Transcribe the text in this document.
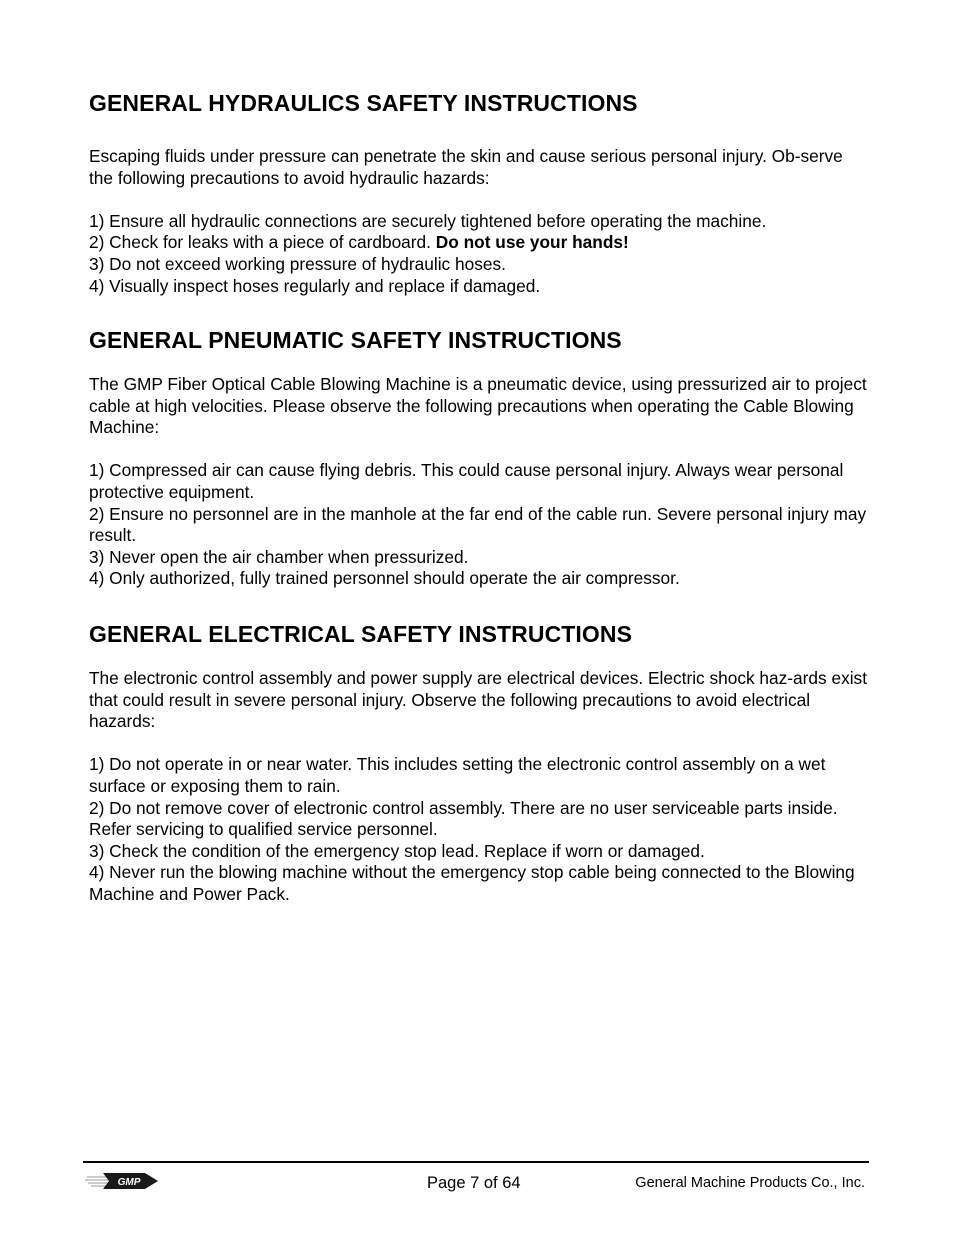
GENERAL HYDRAULICS SAFETY INSTRUCTIONS

Escaping fluids under pressure can penetrate the skin and cause serious personal injury. Ob-serve the following precautions to avoid hydraulic hazards:

1) Ensure all hydraulic connections are securely tightened before operating the machine.
2) Check for leaks with a piece of cardboard. Do not use your hands!
3) Do not exceed working pressure of hydraulic hoses.
4) Visually inspect hoses regularly and replace if damaged.
GENERAL PNEUMATIC SAFETY INSTRUCTIONS

The GMP Fiber Optical Cable Blowing Machine is a pneumatic device, using pressurized air to project cable at high velocities. Please observe the following precautions when operating the Cable Blowing Machine:

1) Compressed air can cause flying debris. This could cause personal injury. Always wear personal protective equipment.
2) Ensure no personnel are in the manhole at the far end of the cable run. Severe personal injury may result.
3) Never open the air chamber when pressurized.
4) Only authorized, fully trained personnel should operate the air compressor.
GENERAL ELECTRICAL SAFETY INSTRUCTIONS

The electronic control assembly and power supply are electrical devices. Electric shock haz-ards exist that could result in severe personal injury. Observe the following precautions to avoid electrical hazards:

1) Do not operate in or near water. This includes setting the electronic control assembly on a wet surface or exposing them to rain.
2) Do not remove cover of electronic control assembly. There are no user serviceable parts inside. Refer servicing to qualified service personnel.
3) Check the condition of the emergency stop lead. Replace if worn or damaged.
4) Never run the blowing machine without the emergency stop cable being connected to the Blowing Machine and Power Pack.
GMP	Page 7 of 64	General Machine Products Co., Inc.
